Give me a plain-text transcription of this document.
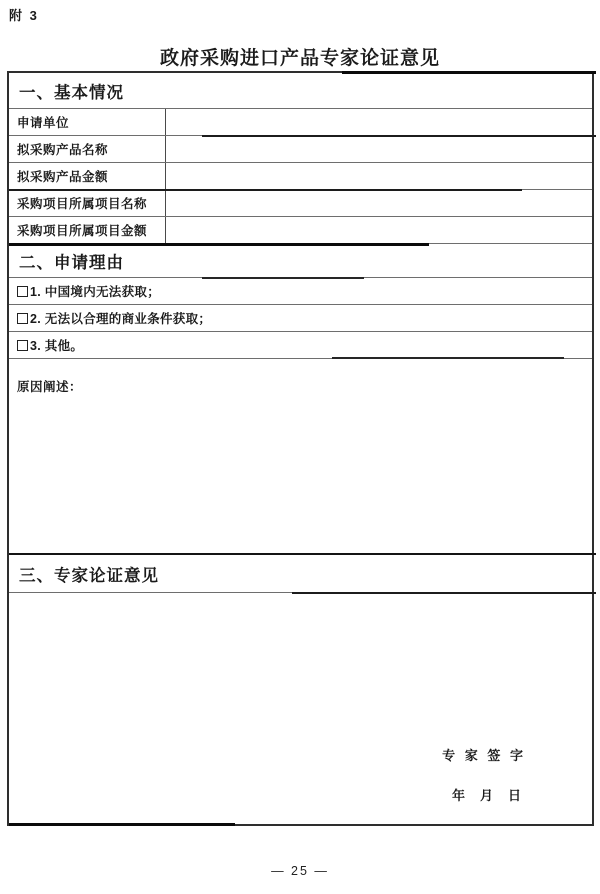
附 3
政府采购进口产品专家论证意见
一、基本情况
申请单位
拟采购产品名称
拟采购产品金额
采购项目所属项目名称
采购项目所属项目金额
二、申请理由
1. 中国境内无法获取；
2. 无法以合理的商业条件获取；
3. 其他。
原因阐述：
三、专家论证意见
专 家 签 字
年　月　日
— 25 —
